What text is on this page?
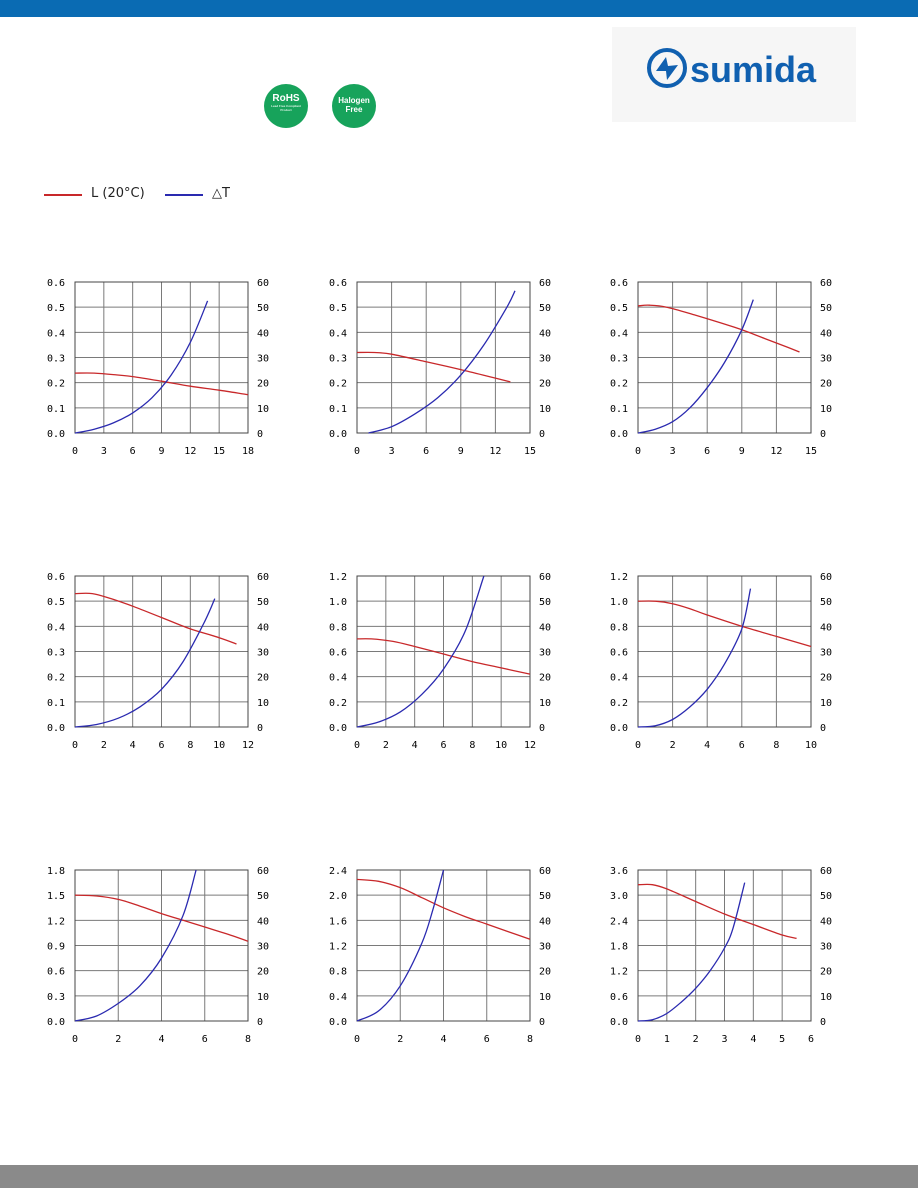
sumida
RoHS
Lead Free Compliant Product
Halogen
Free
L (20°C)	△T
0 3 6 9 12 15 18
0.0	0
0.1	10
0.2	20
0.3	30
0.4	40
0.5	50
0.6	60
0	3	6	9	12 15
0.0	0
0.1	10
0.2	20
0.3	30
0.4	40
0.5	50
0.6	60
0	3	6	9	12 15
0.0	0
0.1	10
0.2	20
0.3	30
0.4	40
0.5	50
0.6	60
0 2 4 6 8 10 12
0.0	0
0.1	10
0.2	20
0.3	30
0.4	40
0.5	50
0.6	60
0 2 4 6 8 10 12
0.0	0
0.2	10
0.4	20
0.6	30
0.8	40
1.0	50
1.2	60
0	2	4	6	8	10
0.0	0
0.2	10
0.4	20
0.6	30
0.8	40
1.0	50
1.2	60
0	2	4	6	8
0.0	0
0.3	10
0.6	20
0.9	30
1.2	40
1.5	50
1.8	60
0	2	4	6	8
0.0	0
0.4	10
0.8	20
1.2	30
1.6	40
2.0	50
2.4	60
0 1 2 3 4 5 6
0.0	0
0.6	10
1.2	20
1.8	30
2.4	40
3.0	50
3.6	60
